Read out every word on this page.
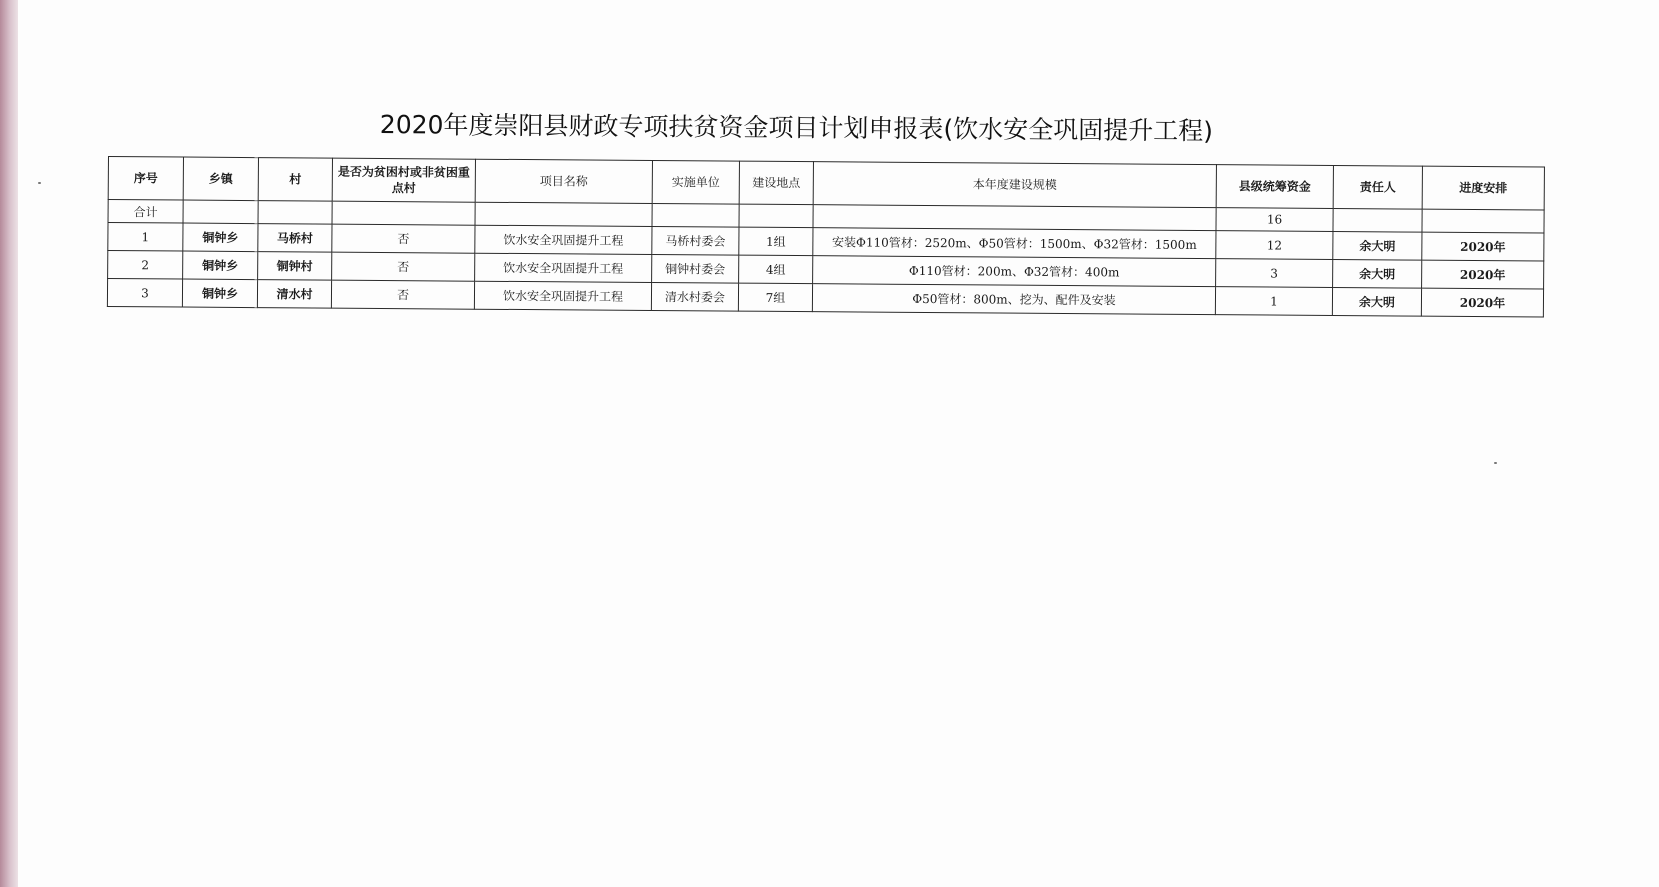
2020年度崇阳县财政专项扶贫资金项目计划申报表(饮水安全巩固提升工程)
序号	乡镇	村	是否为贫困村或非贫困重点村	项目名称	实施单位	建设地点	本年度建设规模	县级统筹资金	责任人	进度安排
合计								16		
1	铜钟乡	马桥村	否	饮水安全巩固提升工程	马桥村委会	1组	安装Φ110管材：2520m、Φ50管材：1500m、Φ32管材：1500m	12	余大明	2020年
2	铜钟乡	铜钟村	否	饮水安全巩固提升工程	铜钟村委会	4组	Φ110管材：200m、Φ32管材：400m	3	余大明	2020年
3	铜钟乡	清水村	否	饮水安全巩固提升工程	清水村委会	7组	Φ50管材：800m、挖为、配件及安装	1	余大明	2020年
